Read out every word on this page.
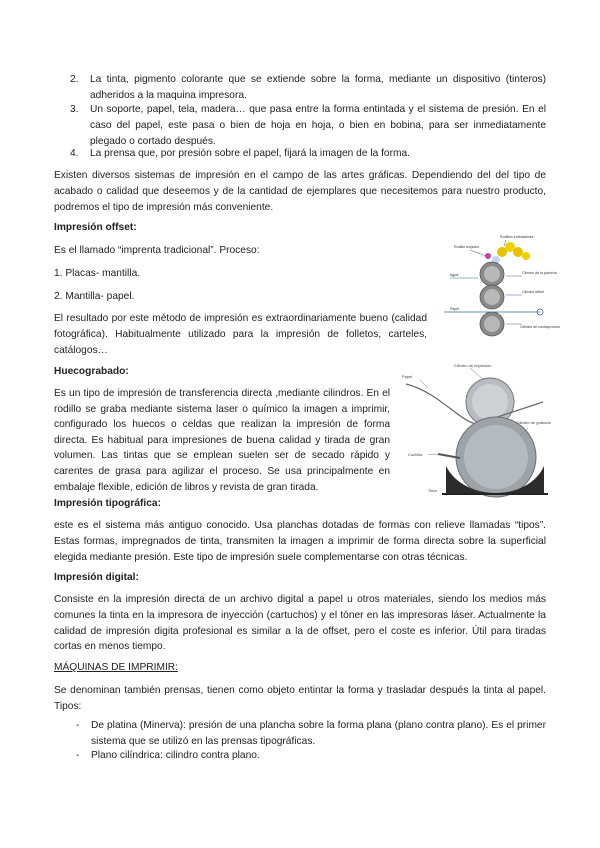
2. La tinta, pigmento colorante que se extiende sobre la forma, mediante un dispositivo (tinteros) adheridos a la maquina impresora.
3. Un soporte, papel, tela, madera… que pasa entre la forma entintada y el sistema de presión. En el caso del papel, este pasa o bien de hoja en hoja, o bien en bobina, para ser inmediatamente plegado o cortado después.
4. La prensa que, por presión sobre el papel, fijará la imagen de la forma.

Existen diversos sistemas de impresión en el campo de las artes gráficas. Dependiendo del del tipo de acabado o calidad que deseemos y de la cantidad de ejemplares que necesitemos para nuestro producto, podremos el tipo de impresión más conveniente.

Impresión offset:

Es el llamado “imprenta tradicional”. Proceso:

1. Placas- mantilla.

2. Mantilla- papel.

El resultado por este método de impresión es extraordinariamente bueno (calidad fotográfica). Habitualmente utilizado para la impresión de folletos, carteles, catálogos…

Rodillos entintadores
Rodillo mojador
Agua	Cilindro de la plancha
Cilindro offset
Papel
Cilindro de contrapresión

Huecograbado:

Es un tipo de impresión de transferencia directa ,mediante cilindros. En el rodillo se graba mediante sistema laser o químico la imagen a imprimir, configurado los huecos o celdas que realizan la impresión de forma directa. Es habitual para impresiones de buena calidad y tirada de gran volumen. Las tintas que se emplean suelen ser de secado rápido y carentes de grasa para agilizar el proceso. Se usa principalmente en embalaje flexible, edición de libros y revista de gran tirada.

Cilindro de impresión
Papel
Cilindro de grabado
Cuchilla
Tinta

Impresión tipográfica:

este es el sistema más antiguo conocido. Usa planchas dotadas de formas con relieve llamadas “tipos”. Estas formas, impregnados de tinta, transmiten la imagen a imprimir de forma directa sobre la superficial elegida mediante presión. Este tipo de impresión suele complementarse con otras técnicas.

Impresión digital:

Consiste en la impresión directa de un archivo digital a papel u otros materiales, siendo los medios más comunes la tinta en la impresora de inyección (cartuchos) y el tóner en las impresoras láser. Actualmente la calidad de impresión digita profesional es similar a la de offset, pero el coste es inferior. Útil para tiradas cortas en menos tiempo.

MÁQUINAS DE IMPRIMIR:

Se denominan también prensas, tienen como objeto entintar la forma y trasladar después la tinta al papel. Tipos:

- De platina (Minerva): presión de una plancha sobre la forma plana (plano contra plano). Es el primer sistema que se utilizó en las prensas tipográficas.
- Plano cilíndrica: cilindro contra plano.
